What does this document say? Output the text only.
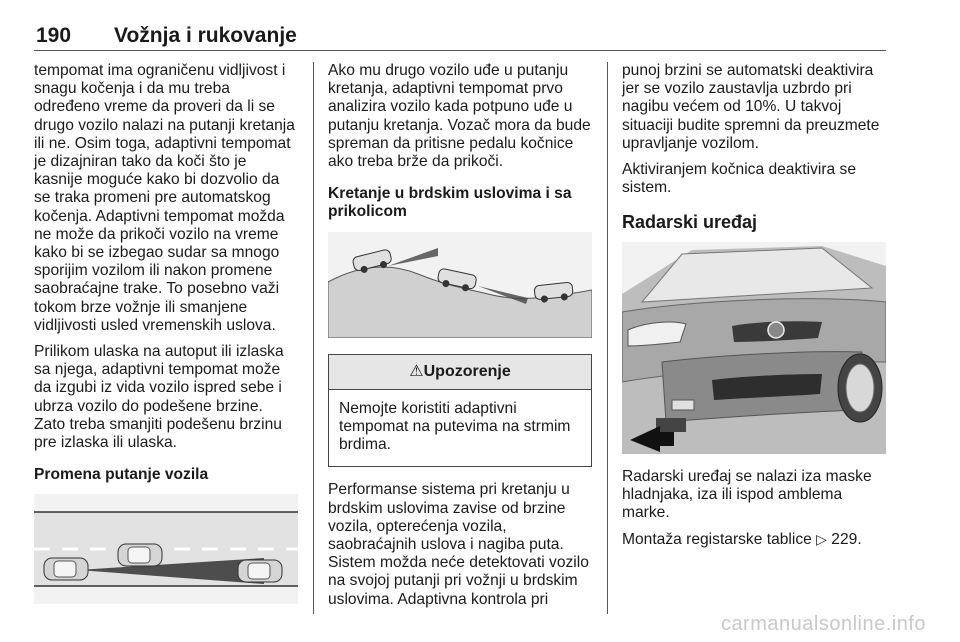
190 Vožnja i rukovanje

tempomat ima ograničenu vidljivost i snagu kočenja i da mu treba određeno vreme da proveri da li se drugo vozilo nalazi na putanji kretanja ili ne. Osim toga, adaptivni tempomat je dizajniran tako da koči što je kasnije moguće kako bi dozvolio da se traka promeni pre automatskog kočenja. Adaptivni tempomat možda ne može da prikoči vozilo na vreme kako bi se izbegao sudar sa mnogo sporijim vozilom ili nakon promene saobraćajne trake. To posebno važi tokom brze vožnje ili smanjene vidljivosti usled vremenskih uslova.

Prilikom ulaska na autoput ili izlaska sa njega, adaptivni tempomat može da izgubi iz vida vozilo ispred sebe i ubrza vozilo do podešene brzine. Zato treba smanjiti podešenu brzinu pre izlaska ili ulaska.

Promena putanje vozila

Ako mu drugo vozilo uđe u putanju kretanja, adaptivni tempomat prvo analizira vozilo kada potpuno uđe u putanju kretanja. Vozač mora da bude spreman da pritisne pedalu kočnice ako treba brže da prikoči.

Kretanje u brdskim uslovima i sa prikolicom
⚠Upozorenje
Nemojte koristiti adaptivni tempomat na putevima na strmim brdima.

Performanse sistema pri kretanju u brdskim uslovima zavise od brzine vozila, opterećenja vozila, saobraćajnih uslova i nagiba puta. Sistem možda neće detektovati vozilo na svojoj putanji pri vožnji u brdskim uslovima. Adaptivna kontrola pri

punoj brzini se automatski deaktivira jer se vozilo zaustavlja uzbrdo pri nagibu većem od 10%. U takvoj situaciji budite spremni da preuzmete upravljanje vozilom.

Aktiviranjem kočnica deaktivira se sistem.

Radarski uređaj

Radarski uređaj se nalazi iza maske hladnjaka, iza ili ispod amblema marke.

Montaža registarske tablice ▷ 229.

carmanualsonline.info
